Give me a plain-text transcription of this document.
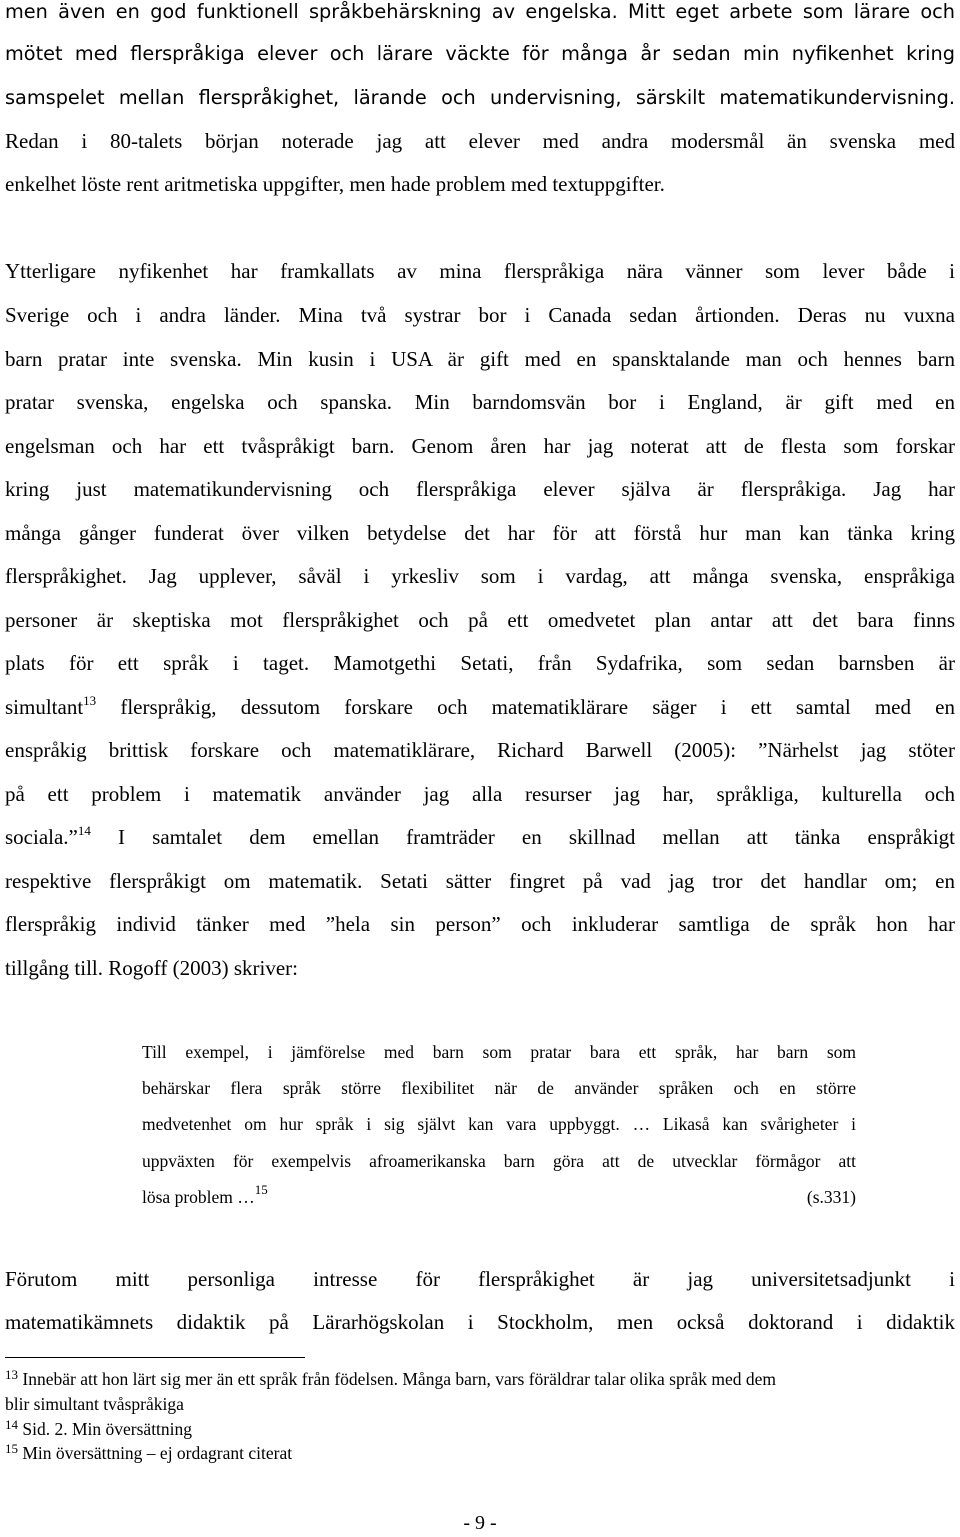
men även en god funktionell språkbehärskning av engelska. Mitt eget arbete som lärare och
mötet med flerspråkiga elever och lärare väckte för många år sedan min nyfikenhet kring
samspelet mellan flerspråkighet, lärande och undervisning, särskilt matematikundervisning.
Redan i 80-talets början noterade jag att elever med andra modersmål än svenska med
enkelhet löste rent aritmetiska uppgifter, men hade problem med textuppgifter.
Ytterligare nyfikenhet har framkallats av mina flerspråkiga nära vänner som lever både i
Sverige och i andra länder. Mina två systrar bor i Canada sedan årtionden. Deras nu vuxna
barn pratar inte svenska. Min kusin i USA är gift med en spansktalande man och hennes barn
pratar svenska, engelska och spanska. Min barndomsvän bor i England, är gift med en
engelsman och har ett tvåspråkigt barn. Genom åren har jag noterat att de flesta som forskar
kring just matematikundervisning och flerspråkiga elever själva är flerspråkiga. Jag har
många gånger funderat över vilken betydelse det har för att förstå hur man kan tänka kring
flerspråkighet. Jag upplever, såväl i yrkesliv som i vardag, att många svenska, enspråkiga
personer är skeptiska mot flerspråkighet och på ett omedvetet plan antar att det bara finns
plats för ett språk i taget. Mamotgethi Setati, från Sydafrika, som sedan barnsben är
simultant$^{13}$ flerspråkig, dessutom forskare och matematiklärare säger i ett samtal med en
enspråkig brittisk forskare och matematiklärare, Richard Barwell (2005): ”Närhelst jag stöter
på ett problem i matematik använder jag alla resurser jag har, språkliga, kulturella och
sociala.”$^{14}$ I samtalet dem emellan framträder en skillnad mellan att tänka enspråkigt
respektive flerspråkigt om matematik. Setati sätter fingret på vad jag tror det handlar om; en
flerspråkig individ tänker med ”hela sin person” och inkluderar samtliga de språk hon har
tillgång till. Rogoff (2003) skriver:
Till exempel, i jämförelse med barn som pratar bara ett språk, har barn som
behärskar flera språk större flexibilitet när de använder språken och en större
medvetenhet om hur språk i sig självt kan vara uppbyggt. … Likaså kan svårigheter i
uppväxten för exempelvis afroamerikanska barn göra att de utvecklar förmågor att
lösa problem …$^{15}$	(s.331)
Förutom mitt personliga intresse för flerspråkighet är jag universitetsadjunkt i
matematikämnets didaktik på Lärarhögskolan i Stockholm, men också doktorand i didaktik
$^{13}$ Innebär att hon lärt sig mer än ett språk från födelsen. Många barn, vars föräldrar talar olika språk med dem
blir simultant tvåspråkiga
$^{14}$ Sid. 2. Min översättning
$^{15}$ Min översättning – ej ordagrant citerat
- 9 -
